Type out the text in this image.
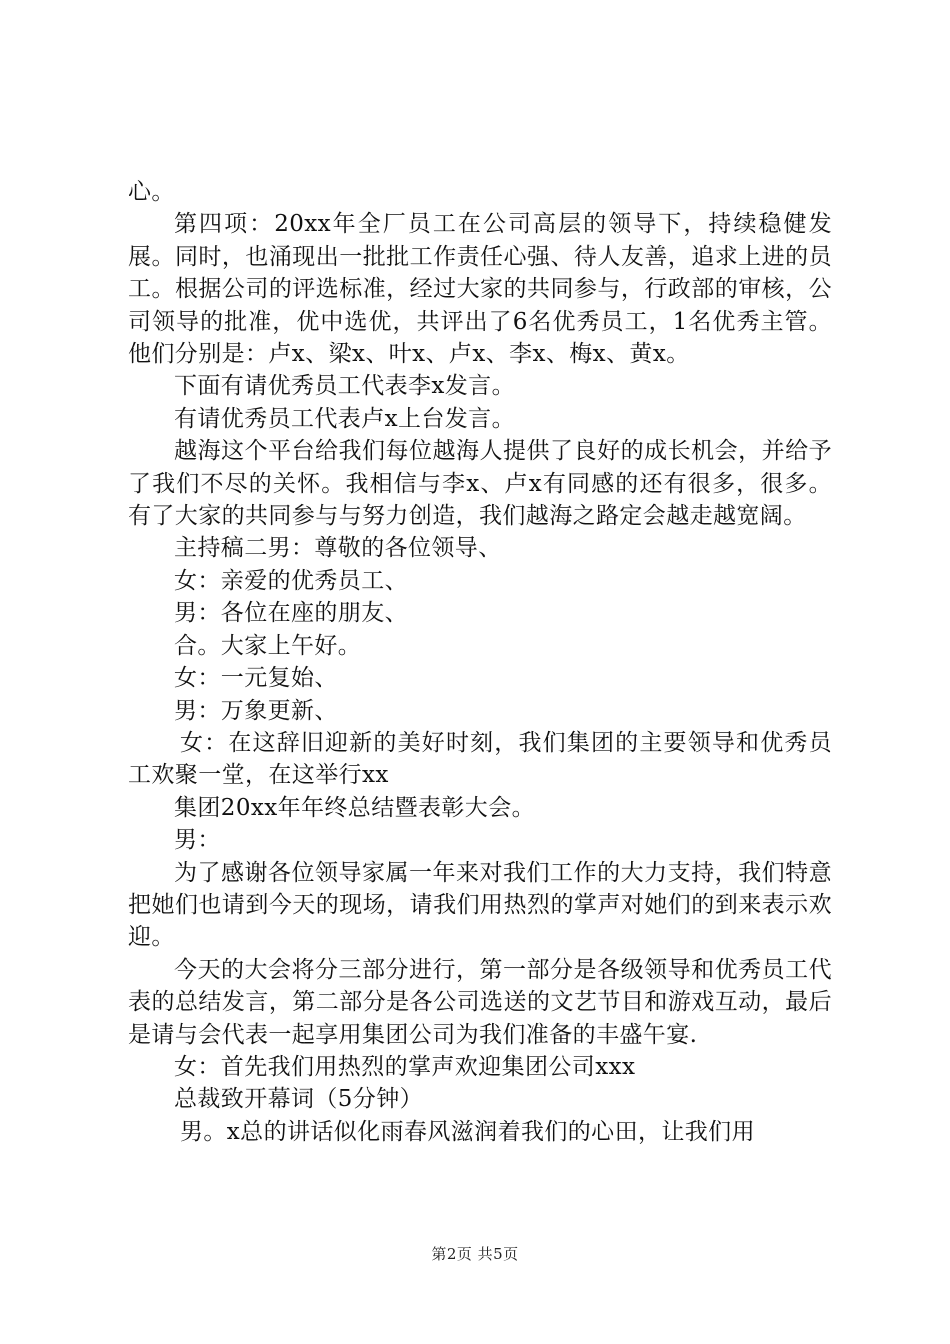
心。

第四项：20xx年全厂员工在公司高层的领导下，持续稳健发展。同时，也涌现出一批批工作责任心强、待人友善，追求上进的员工。根据公司的评选标准，经过大家的共同参与，行政部的审核，公司领导的批准，优中选优，共评出了6名优秀员工，1名优秀主管。他们分别是：卢x、梁x、叶x、卢x、李x、梅x、黄x。

下面有请优秀员工代表李x发言。

有请优秀员工代表卢x上台发言。

越海这个平台给我们每位越海人提供了良好的成长机会，并给予了我们不尽的关怀。我相信与李x、卢x有同感的还有很多，很多。有了大家的共同参与与努力创造，我们越海之路定会越走越宽阔。

主持稿二男：尊敬的各位领导、

女：亲爱的优秀员工、

男：各位在座的朋友、

合。大家上午好。

女：一元复始、

男：万象更新、

女：在这辞旧迎新的美好时刻，我们集团的主要领导和优秀员工欢聚一堂，在这举行xx

集团20xx年年终总结暨表彰大会。

男：

为了感谢各位领导家属一年来对我们工作的大力支持，我们特意把她们也请到今天的现场，请我们用热烈的掌声对她们的到来表示欢迎。

今天的大会将分三部分进行，第一部分是各级领导和优秀员工代表的总结发言，第二部分是各公司选送的文艺节目和游戏互动，最后是请与会代表一起享用集团公司为我们准备的丰盛午宴.

女：首先我们用热烈的掌声欢迎集团公司xxx

总裁致开幕词（5分钟）

男。x总的讲话似化雨春风滋润着我们的心田，让我们用

第2页 共5页
